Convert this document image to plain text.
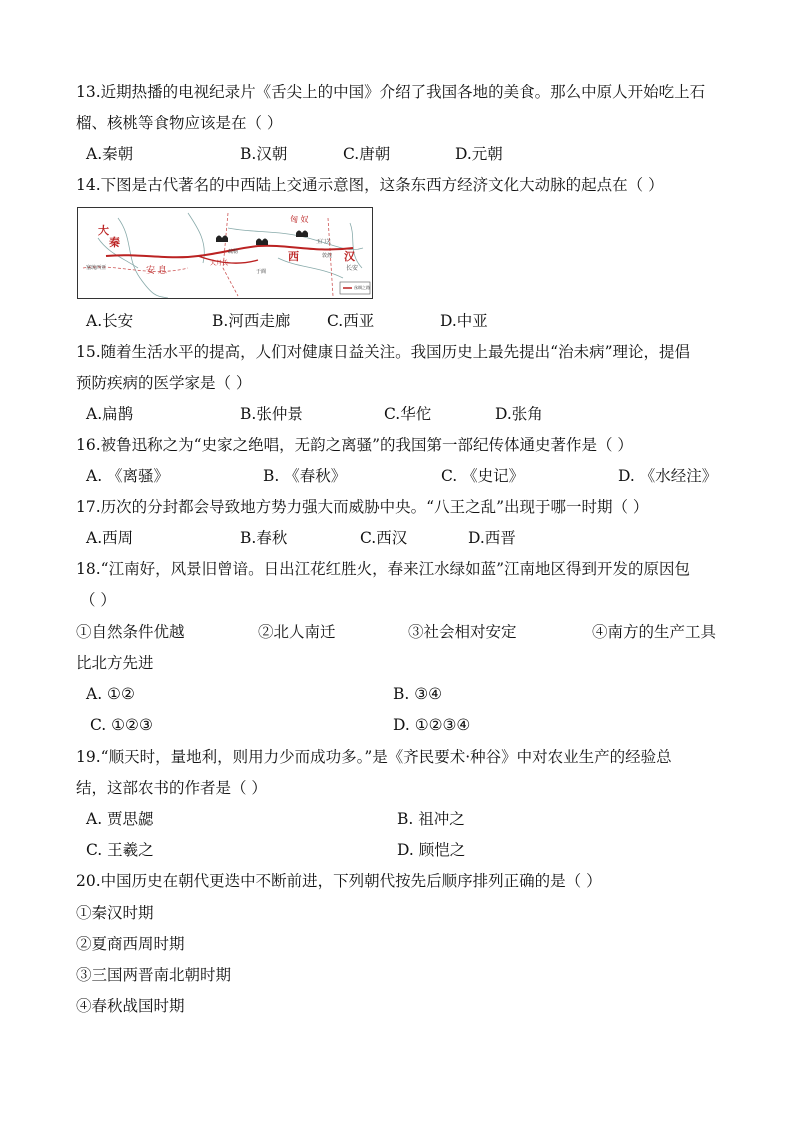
13.近期热播的电视纪录片《舌尖上的中国》介绍了我国各地的美食。那么中原人开始吃上石
榴、核桃等食物应该是在（ ）
A.秦朝	B.汉朝	C.唐朝	D.元朝
14.下图是古代著名的中西陆上交通示意图，这条东西方经济文化大动脉的起点在（ ）
匈 奴
大
秦
安 息
塞琉西亚
大月氏
西	汉
长安
玉门关
敦煌
于阗
疏勒
丝绸之路
A.长安	B.河西走廊 C.西亚	D.中亚
15.随着生活水平的提高，人们对健康日益关注。我国历史上最先提出“治未病”理论，提倡
预防疾病的医学家是（ ）
A.扁鹊	B.张仲景	C.华佗	D.张角
16.被鲁迅称之为“史家之绝唱，无韵之离骚”的我国第一部纪传体通史著作是（ ）
A. 《离骚》	B. 《春秋》	C. 《史记》	D. 《水经注》
17.历次的分封都会导致地方势力强大而威胁中央。“八王之乱”出现于哪一时期（ ）
A.西周	B.春秋	C.西汉	D.西晋
18.“江南好，风景旧曾谙。日出江花红胜火，春来江水绿如蓝”江南地区得到开发的原因包
（ ）
①自然条件优越	②北人南迁	③社会相对安定	④南方的生产工具
比北方先进
A. ①②	B. ③④
C. ①②③	D. ①②③④
19.“顺天时，量地利，则用力少而成功多。”是《齐民要术·种谷》中对农业生产的经验总
结，这部农书的作者是（ ）
A. 贾思勰	B. 祖冲之
C. 王羲之	D. 顾恺之
20.中国历史在朝代更迭中不断前进，下列朝代按先后顺序排列正确的是（ ）
①秦汉时期
②夏商西周时期
③三国两晋南北朝时期
④春秋战国时期
